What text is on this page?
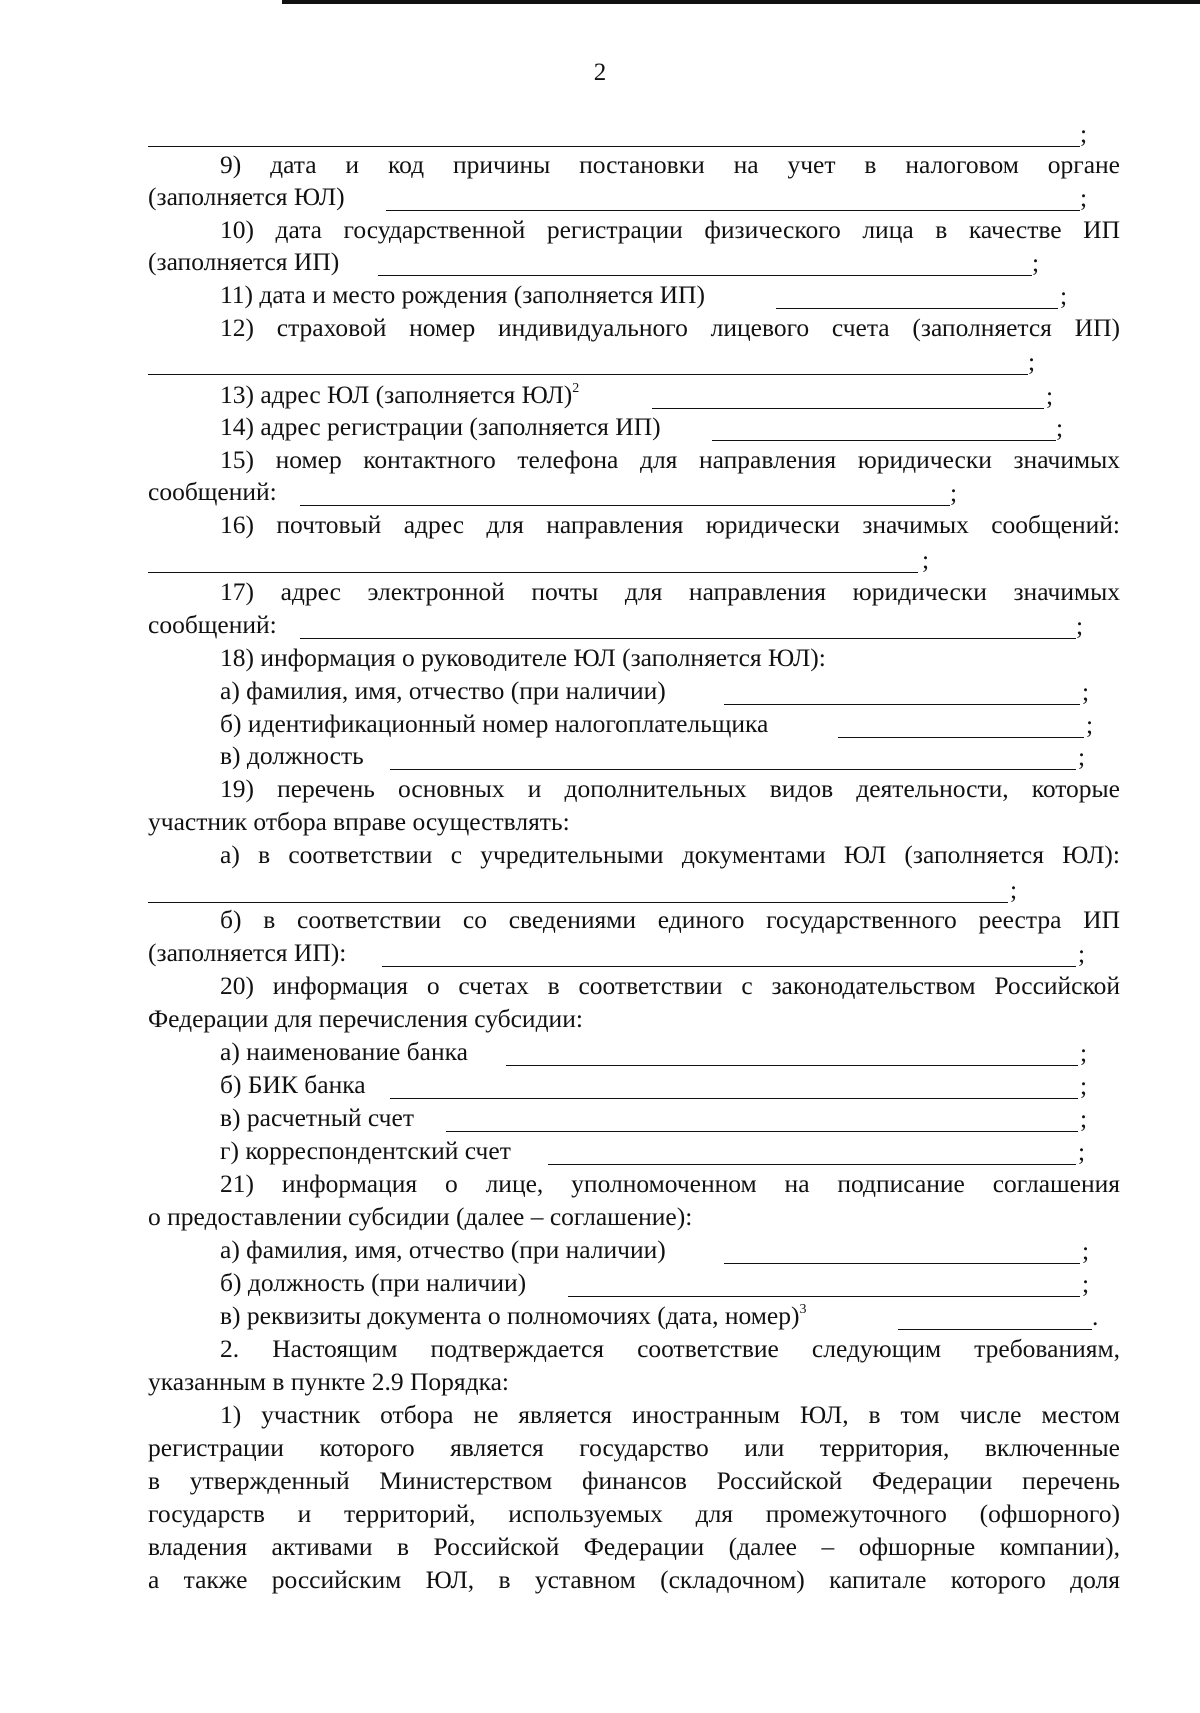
2
;
9) дата и код причины постановки на учет в налоговом органе
(заполняется ЮЛ)	;
10) дата государственной регистрации физического лица в качестве ИП
(заполняется ИП)	;
11) дата и место рождения (заполняется ИП)	;
12) страховой номер индивидуального лицевого счета (заполняется ИП)
;
13) адрес ЮЛ (заполняется ЮЛ)$^2$	;
14) адрес регистрации (заполняется ИП)	;
15) номер контактного телефона для направления юридически значимых
сообщений:	;
16) почтовый адрес для направления юридически значимых сообщений:
;
17) адрес электронной почты для направления юридически значимых
сообщений:	;
18) информация о руководителе ЮЛ (заполняется ЮЛ):
а) фамилия, имя, отчество (при наличии)	;
б) идентификационный номер налогоплательщика	;
в) должность	;
19) перечень основных и дополнительных видов деятельности, которые
участник отбора вправе осуществлять:
а) в соответствии с учредительными документами ЮЛ (заполняется ЮЛ):
;
б) в соответствии со сведениями единого государственного реестра ИП
(заполняется ИП):	;
20) информация о счетах в соответствии с законодательством Российской
Федерации для перечисления субсидии:
а) наименование банка	;
б) БИК банка	;
в) расчетный счет	;
г) корреспондентский счет	;
21) информация о лице, уполномоченном на подписание соглашения
о предоставлении субсидии (далее – соглашение):
а) фамилия, имя, отчество (при наличии)	;
б) должность (при наличии)	;
в) реквизиты документа о полномочиях (дата, номер)$^3$	.
2. Настоящим подтверждается соответствие следующим требованиям,
указанным в пункте 2.9 Порядка:
1) участник отбора не является иностранным ЮЛ, в том числе местом
регистрации которого является государство или территория, включенные
в утвержденный Министерством финансов Российской Федерации перечень
государств и территорий, используемых для промежуточного (офшорного)
владения активами в Российской Федерации (далее – офшорные компании),
а также российским ЮЛ, в уставном (складочном) капитале которого доля
